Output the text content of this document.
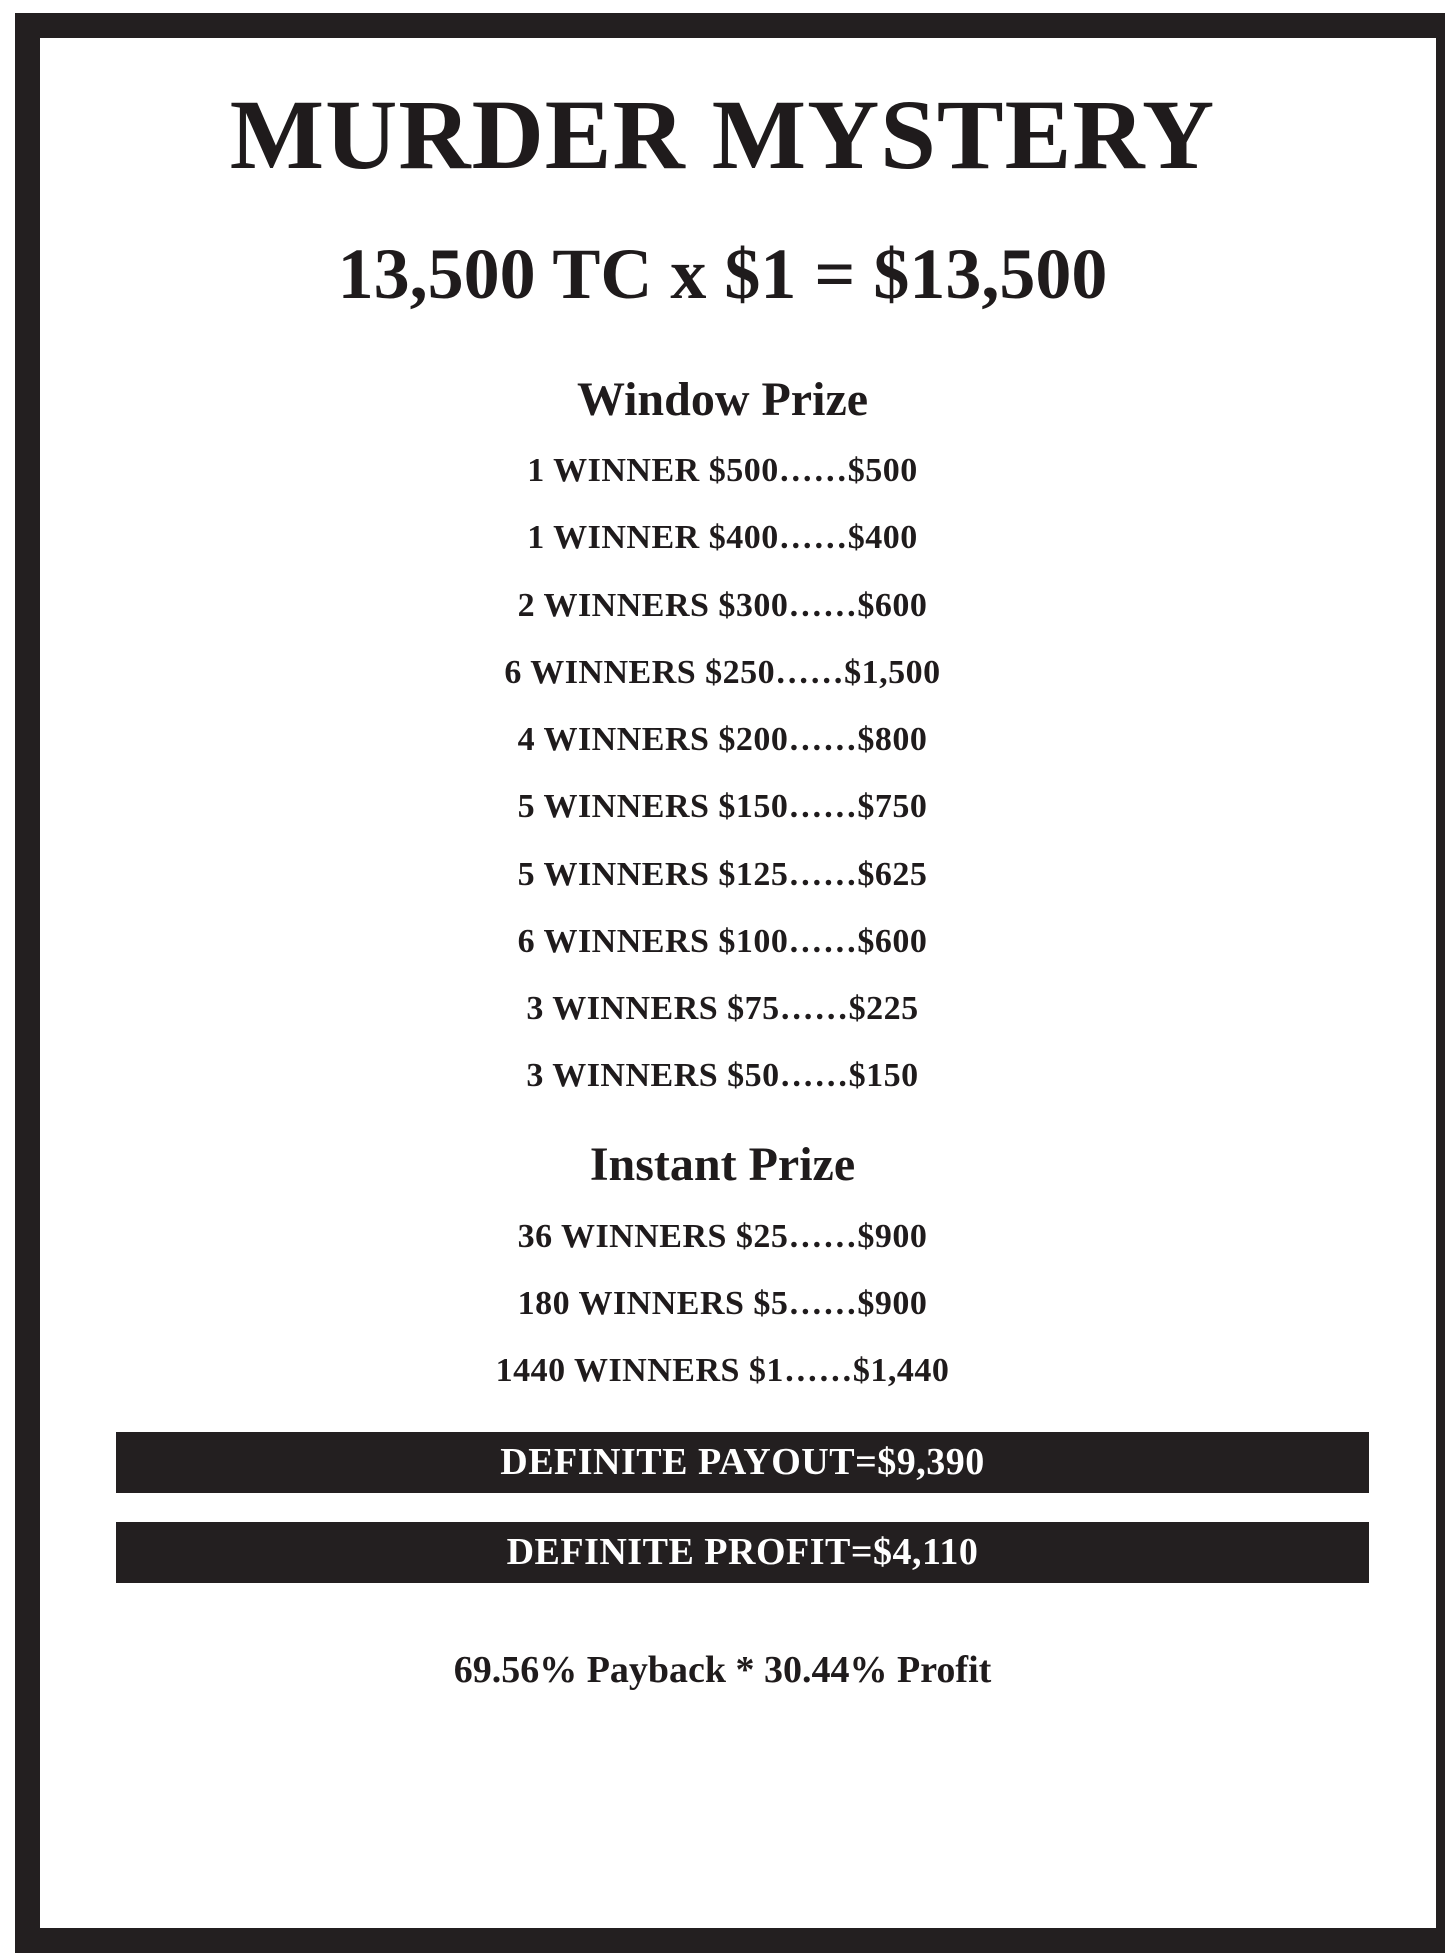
MURDER MYSTERY
13,500 TC x $1 = $13,500
Window Prize
1 WINNER $500……$500
1 WINNER $400……$400
2 WINNERS $300……$600
6 WINNERS $250……$1,500
4 WINNERS $200……$800
5 WINNERS $150……$750
5 WINNERS $125……$625
6 WINNERS $100……$600
3 WINNERS $75……$225
3 WINNERS $50……$150
Instant Prize
36 WINNERS $25……$900
180 WINNERS $5……$900
1440 WINNERS $1……$1,440
DEFINITE PAYOUT=$9,390
DEFINITE PROFIT=$4,110
69.56% Payback * 30.44% Profit
